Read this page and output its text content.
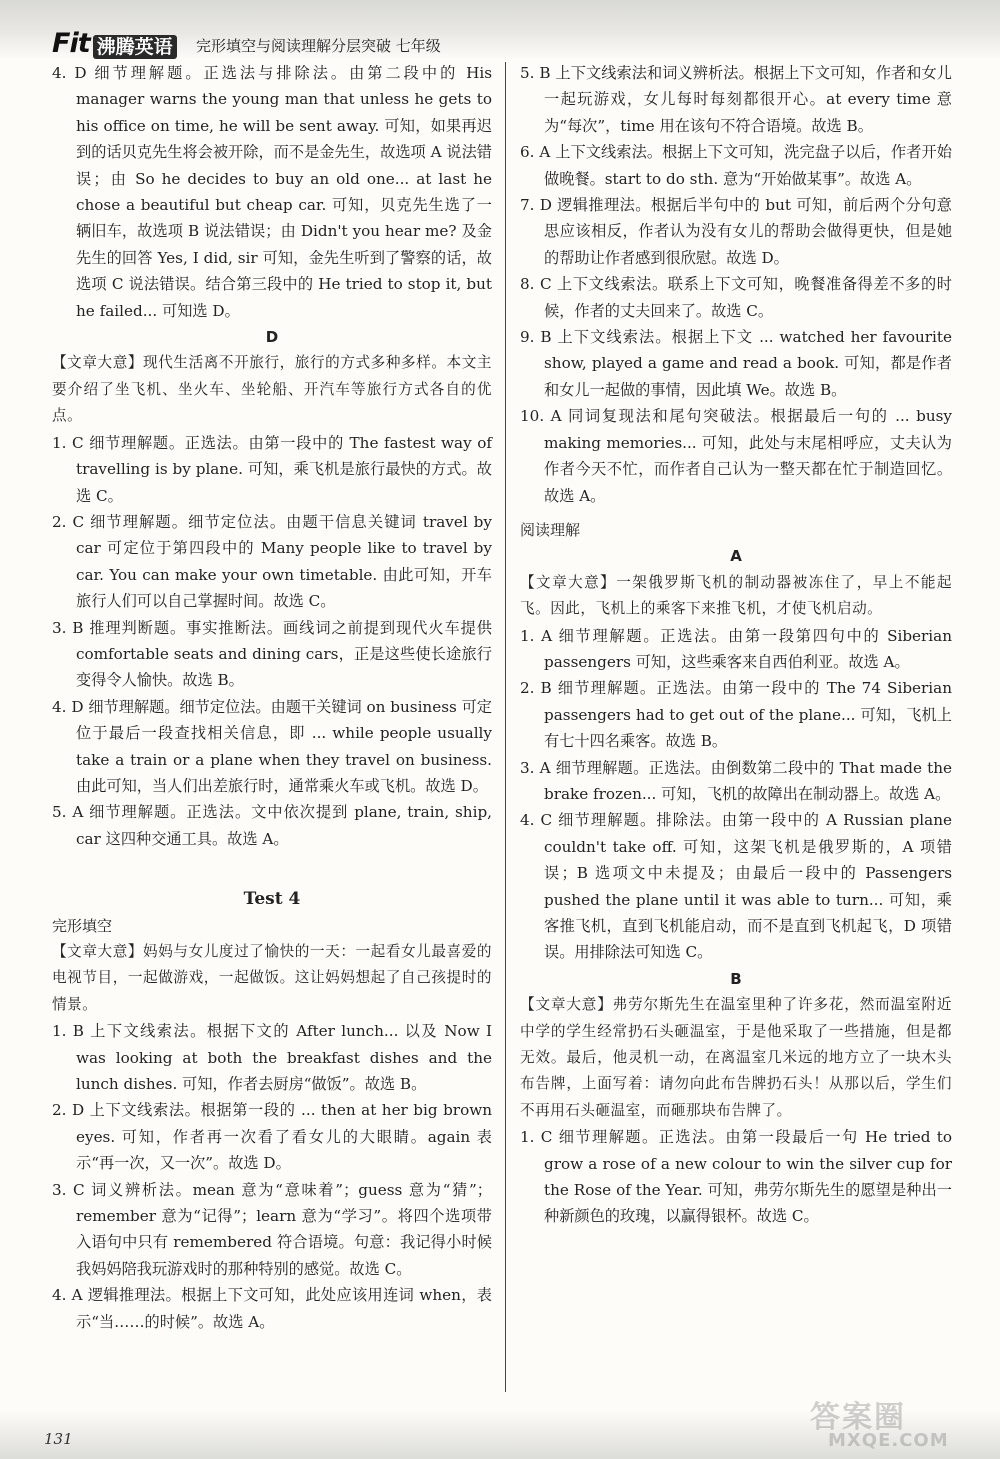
Fit 沸腾英语 完形填空与阅读理解分层突破 七年级

4. D 细节理解题。正选法与排除法。由第二段中的 His manager warns the young man that unless he gets to his office on time, he will be sent away. 可知，如果再迟到的话贝克先生将会被开除，而不是金先生，故选项 A 说法错误；由 So he decides to buy an old one... at last he chose a beautiful but cheap car. 可知，贝克先生选了一辆旧车，故选项 B 说法错误；由 Didn't you hear me? 及金先生的回答 Yes, I did, sir 可知，金先生听到了警察的话，故选项 C 说法错误。结合第三段中的 He tried to stop it, but he failed... 可知选 D。

D

【文章大意】现代生活离不开旅行，旅行的方式多种多样。本文主要介绍了坐飞机、坐火车、坐轮船、开汽车等旅行方式各自的优点。

1. C 细节理解题。正选法。由第一段中的 The fastest way of travelling is by plane. 可知，乘飞机是旅行最快的方式。故选 C。

2. C 细节理解题。细节定位法。由题干信息关键词 travel by car 可定位于第四段中的 Many people like to travel by car. You can make your own timetable. 由此可知，开车旅行人们可以自己掌握时间。故选 C。

3. B 推理判断题。事实推断法。画线词之前提到现代火车提供 comfortable seats and dining cars，正是这些使长途旅行变得令人愉快。故选 B。

4. D 细节理解题。细节定位法。由题干关键词 on business 可定位于最后一段查找相关信息，即 ... while people usually take a train or a plane when they travel on business. 由此可知，当人们出差旅行时，通常乘火车或飞机。故选 D。

5. A 细节理解题。正选法。文中依次提到 plane, train, ship, car 这四种交通工具。故选 A。

Test 4

完形填空

【文章大意】妈妈与女儿度过了愉快的一天：一起看女儿最喜爱的电视节目，一起做游戏，一起做饭。这让妈妈想起了自己孩提时的情景。

1. B 上下文线索法。根据下文的 After lunch... 以及 Now I was looking at both the breakfast dishes and the lunch dishes. 可知，作者去厨房“做饭”。故选 B。

2. D 上下文线索法。根据第一段的 ... then at her big brown eyes. 可知，作者再一次看了看女儿的大眼睛。again 表示“再一次，又一次”。故选 D。

3. C 词义辨析法。mean 意为“意味着”；guess 意为“猜”；remember 意为“记得”；learn 意为“学习”。将四个选项带入语句中只有 remembered 符合语境。句意：我记得小时候我妈妈陪我玩游戏时的那种特别的感觉。故选 C。

4. A 逻辑推理法。根据上下文可知，此处应该用连词 when，表示“当……的时候”。故选 A。

5. B 上下文线索法和词义辨析法。根据上下文可知，作者和女儿一起玩游戏，女儿每时每刻都很开心。at every time 意为“每次”，time 用在该句不符合语境。故选 B。

6. A 上下文线索法。根据上下文可知，洗完盘子以后，作者开始做晚餐。start to do sth. 意为“开始做某事”。故选 A。

7. D 逻辑推理法。根据后半句中的 but 可知，前后两个分句意思应该相反，作者认为没有女儿的帮助会做得更快，但是她的帮助让作者感到很欣慰。故选 D。

8. C 上下文线索法。联系上下文可知，晚餐准备得差不多的时候，作者的丈夫回来了。故选 C。

9. B 上下文线索法。根据上下文 ... watched her favourite show, played a game and read a book. 可知，都是作者和女儿一起做的事情，因此填 We。故选 B。

10. A 同词复现法和尾句突破法。根据最后一句的 ... busy making memories... 可知，此处与末尾相呼应，丈夫认为作者今天不忙，而作者自己认为一整天都在忙于制造回忆。故选 A。

阅读理解

A

【文章大意】一架俄罗斯飞机的制动器被冻住了，早上不能起飞。因此，飞机上的乘客下来推飞机，才使飞机启动。

1. A 细节理解题。正选法。由第一段第四句中的 Siberian passengers 可知，这些乘客来自西伯利亚。故选 A。

2. B 细节理解题。正选法。由第一段中的 The 74 Siberian passengers had to get out of the plane... 可知，飞机上有七十四名乘客。故选 B。

3. A 细节理解题。正选法。由倒数第二段中的 That made the brake frozen... 可知，飞机的故障出在制动器上。故选 A。

4. C 细节理解题。排除法。由第一段中的 A Russian plane couldn't take off. 可知，这架飞机是俄罗斯的，A 项错误；B 选项文中未提及；由最后一段中的 Passengers pushed the plane until it was able to turn... 可知，乘客推飞机，直到飞机能启动，而不是直到飞机起飞，D 项错误。用排除法可知选 C。

B

【文章大意】弗劳尔斯先生在温室里种了许多花，然而温室附近中学的学生经常扔石头砸温室，于是他采取了一些措施，但是都无效。最后，他灵机一动，在离温室几米远的地方立了一块木头布告牌，上面写着：请勿向此布告牌扔石头！从那以后，学生们不再用石头砸温室，而砸那块布告牌了。

1. C 细节理解题。正选法。由第一段最后一句 He tried to grow a rose of a new colour to win the silver cup for the Rose of the Year. 可知，弗劳尔斯先生的愿望是种出一种新颜色的玫瑰，以赢得银杯。故选 C。

131
答案圈
MXQE.COM
